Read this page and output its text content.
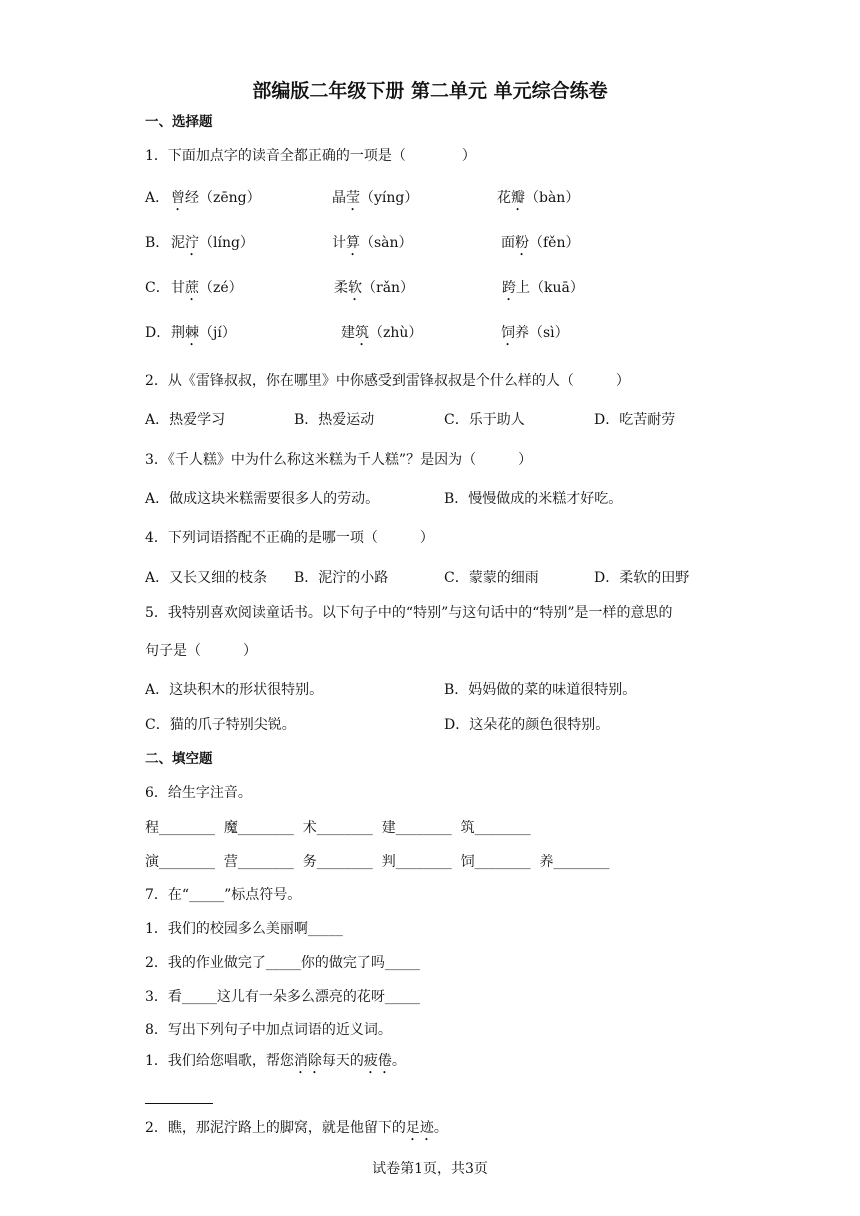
部编版二年级下册 第二单元 单元综合练卷
一、选择题
1．下面加点字的读音全都正确的一项是（　　　　）
A． 曾经（zēng）	晶莹（yíng）	花瓣（bàn）
B． 泥泞（líng）	计算（sàn）	面粉（fěn）
C． 甘蔗（zé）	柔软（rǎn）	跨上（kuā）
D． 荆棘（jí）	建筑（zhù）	饲养（sì）
2．从《雷锋叔叔，你在哪里》中你感受到雷锋叔叔是个什么样的人（　　　）
A．热爱学习	B．热爱运动	C．乐于助人	D．吃苦耐劳
3．《千人糕》中为什么称这米糕为千人糕”？是因为（　　　）
A．做成这块米糕需要很多人的劳动。	B．慢慢做成的米糕才好吃。
4．下列词语搭配不正确的是哪一项（　　　）
A．又长又细的枝条 B．泥泞的小路	C．蒙蒙的细雨	D．柔软的田野
5．我特别喜欢阅读童话书。以下句子中的“特别”与这句话中的“特别”是一样的意思的
句子是（　　　）
A．这块积木的形状很特别。	B．妈妈做的菜的味道很特别。
C．猫的爪子特别尖锐。	D．这朵花的颜色很特别。
二、填空题
6．给生字注音。
程________  魔________  术________  建________  筑________
演________  营________  务________  判________  饲________  养________
7．在“_____”标点符号。
1．我们的校园多么美丽啊_____
2．我的作业做完了_____你的做完了吗_____
3．看_____这儿有一朵多么漂亮的花呀_____
8．写出下列句子中加点词语的近义词。
1．我们给您唱歌，帮您消除每天的疲倦。
2．瞧，那泥泞路上的脚窝，就是他留下的足迹。
试卷第1页，共3页
